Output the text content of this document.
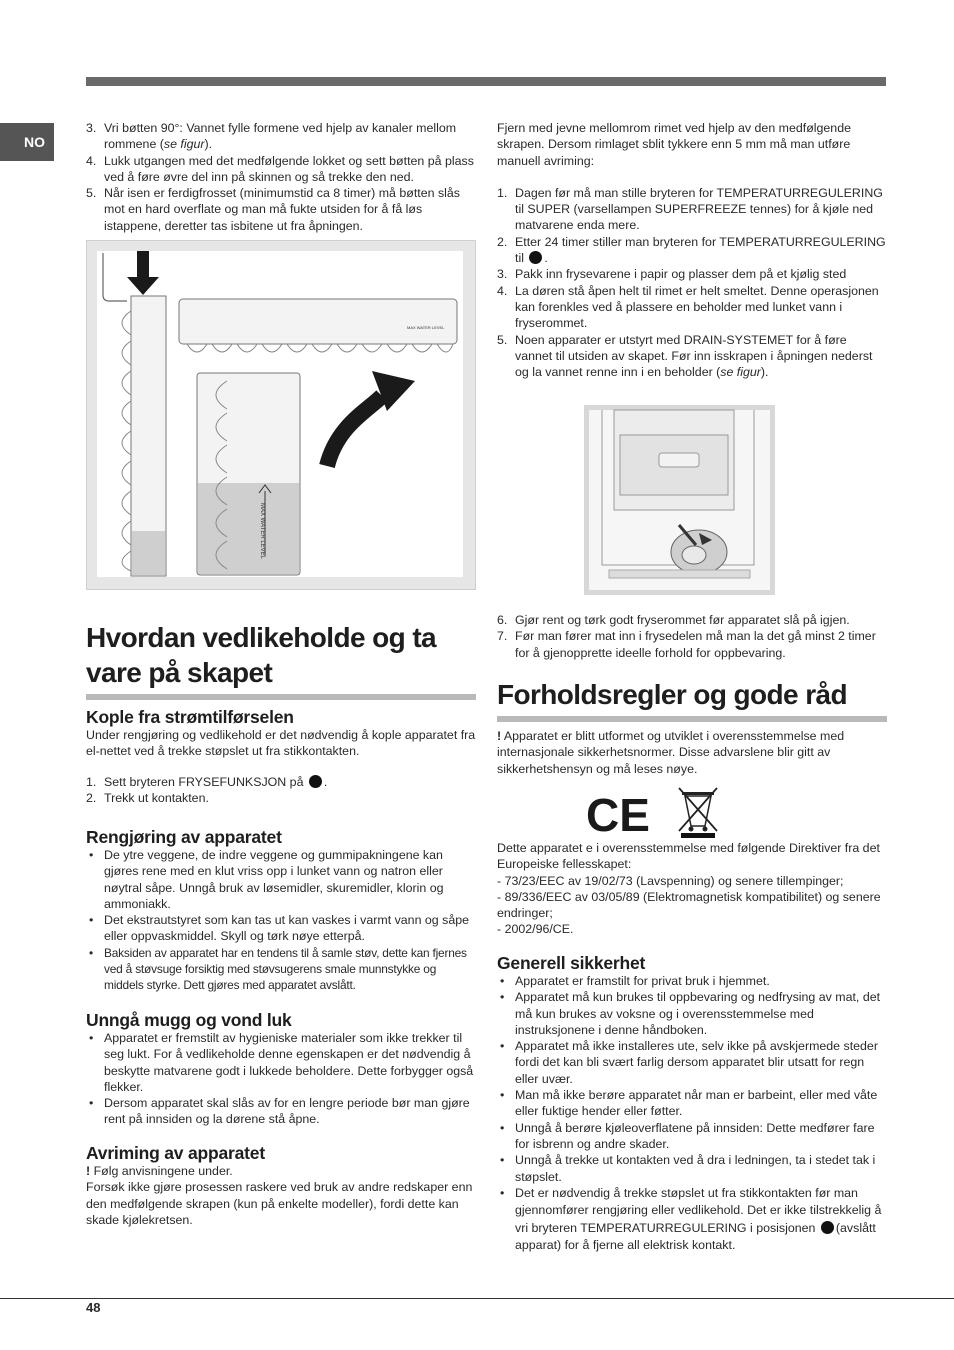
NO
3. Vri bøtten 90°: Vannet fylle formene ved hjelp av kanaler mellom rommene (se figur).
4. Lukk utgangen med det medfølgende lokket og sett bøtten på plass ved å føre øvre del inn på skinnen og så trekke den ned.
5. Når isen er ferdigfrosset (minimumstid ca 8 timer) må bøtten slås mot en hard overflate og man må fukte utsiden for å få løs istappene, deretter tas isbitene ut fra åpningen.
MAX WATER LEVEL
MAX WATER LEVEL
Hvordan vedlikeholde og ta vare på skapet
Kople fra strømtilførselen

Under rengjøring og vedlikehold er det nødvendig å kople apparatet fra el-nettet ved å trekke støpslet ut fra stikkontakten.

1. Sett bryteren FRYSEFUNKSJON på .
2. Trekk ut kontakten.
Rengjøring av apparatet
• De ytre veggene, de indre veggene og gummipakningene kan gjøres rene med en klut vriss opp i lunket vann og natron eller nøytral såpe. Unngå bruk av løsemidler, skuremidler, klorin og ammoniakk.
• Det ekstrautstyret som kan tas ut kan vaskes i varmt vann og såpe eller oppvaskmiddel. Skyll og tørk nøye etterpå.
• Baksiden av apparatet har en tendens til å samle støv, dette kan fjernes ved å støvsuge forsiktig med støvsugerens smale munnstykke og middels styrke. Dett gjøres med apparatet avslått.
Unngå mugg og vond luk
• Apparatet er fremstilt av hygieniske materialer som ikke trekker til seg lukt. For å vedlikeholde denne egenskapen er det nødvendig å beskytte matvarene godt i lukkede beholdere. Dette forbygger også flekker.
• Dersom apparatet skal slås av for en lengre periode bør man gjøre rent på innsiden og la dørene stå åpne.
Avriming av apparatet

! Følg anvisningene under.

Forsøk ikke gjøre prosessen raskere ved bruk av andre redskaper enn den medfølgende skrapen (kun på enkelte modeller), fordi dette kan skade kjølekretsen.

Fjern med jevne mellomrom rimet ved hjelp av den medfølgende skrapen. Dersom rimlaget sblit tykkere enn 5 mm må man utføre manuell avriming:

1. Dagen før må man stille bryteren for TEMPERATURREGULERING til SUPER (varsellampen SUPERFREEZE tennes) for å kjøle ned matvarene enda mere.
2. Etter 24 timer stiller man bryteren for TEMPERATURREGULERING til .
3. Pakk inn frysevarene i papir og plasser dem på et kjølig sted
4. La døren stå åpen helt til rimet er helt smeltet. Denne operasjonen kan forenkles ved å plassere en beholder med lunket vann i fryserommet.
5. Noen apparater er utstyrt med DRAIN-SYSTEMET for å føre vannet til utsiden av skapet. Før inn isskrapen i åpningen nederst og la vannet renne inn i en beholder (se figur).
6. Gjør rent og tørk godt fryserommet før apparatet slå på igjen.
7. Før man fører mat inn i frysedelen må man la det gå minst 2 timer for å gjenopprette ideelle forhold for oppbevaring.
Forholdsregler og gode råd

! Apparatet er blitt utformet og utviklet i overensstemmelse med internasjonale sikkerhetsnormer. Disse advarslene blir gitt av sikkerhetshensyn og må leses nøye.

CE

Dette apparatet e i overensstemmelse med følgende Direktiver fra det Europeiske fellesskapet:

- 73/23/EEC av 19/02/73 (Lavspenning) og senere tillempinger;

- 89/336/EEC av 03/05/89 (Elektromagnetisk kompatibilitet) og senere endringer;

- 2002/96/CE.

Generell sikkerhet
• Apparatet er framstilt for privat bruk i hjemmet.
• Apparatet må kun brukes til oppbevaring og nedfrysing av mat, det må kun brukes av voksne og i overensstemmelse med instruksjonene i denne håndboken.
• Apparatet må ikke installeres ute, selv ikke på avskjermede steder fordi det kan bli svært farlig dersom apparatet blir utsatt for regn eller uvær.
• Man må ikke berøre apparatet når man er barbeint, eller med våte eller fuktige hender eller føtter.
• Unngå å berøre kjøleoverflatene på innsiden: Dette medfører fare for isbrenn og andre skader.
• Unngå å trekke ut kontakten ved å dra i ledningen, ta i stedet tak i støpslet.
• Det er nødvendig å trekke støpslet ut fra stikkontakten før man gjennomfører rengjøring eller vedlikehold. Det er ikke tilstrekkelig å vri bryteren TEMPERATURREGULERING i posisjonen (avslått apparat) for å fjerne all elektrisk kontakt.
48
